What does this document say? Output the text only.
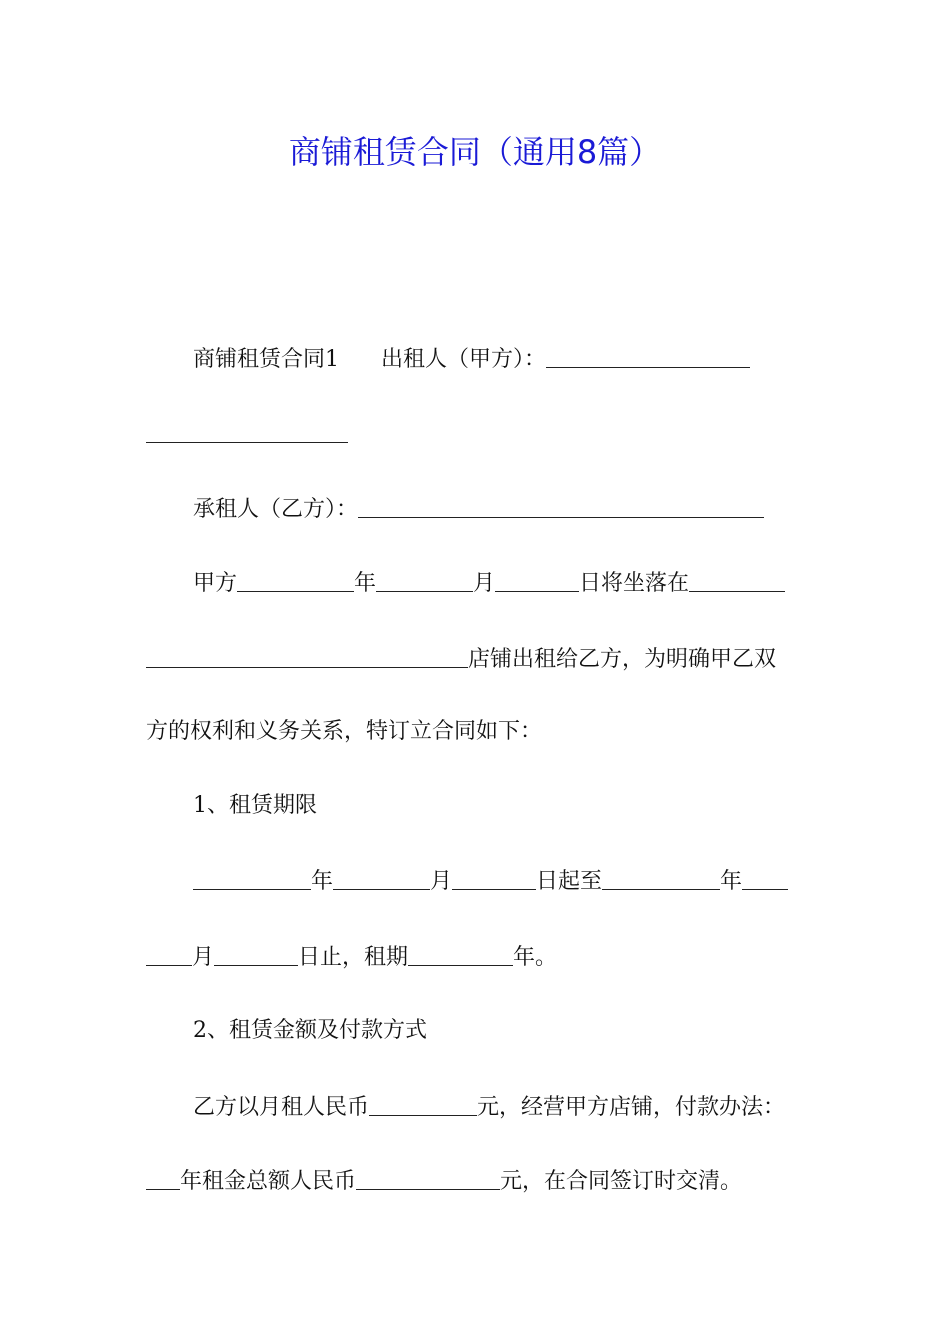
商铺租赁合同（通用8篇）

商铺租赁合同1 出租人（甲方）：

承租人（乙方）：

甲方	年	月	日将坐落在

店铺出租给乙方，为明确甲乙双

方的权利和义务关系，特订立合同如下：

1、租赁期限

年	月	日起至	年

月	日止，租期	年。

2、租赁金额及付款方式

乙方以月租人民币	元，经营甲方店铺，付款办法：

年租金总额人民币	元，在合同签订时交清。
